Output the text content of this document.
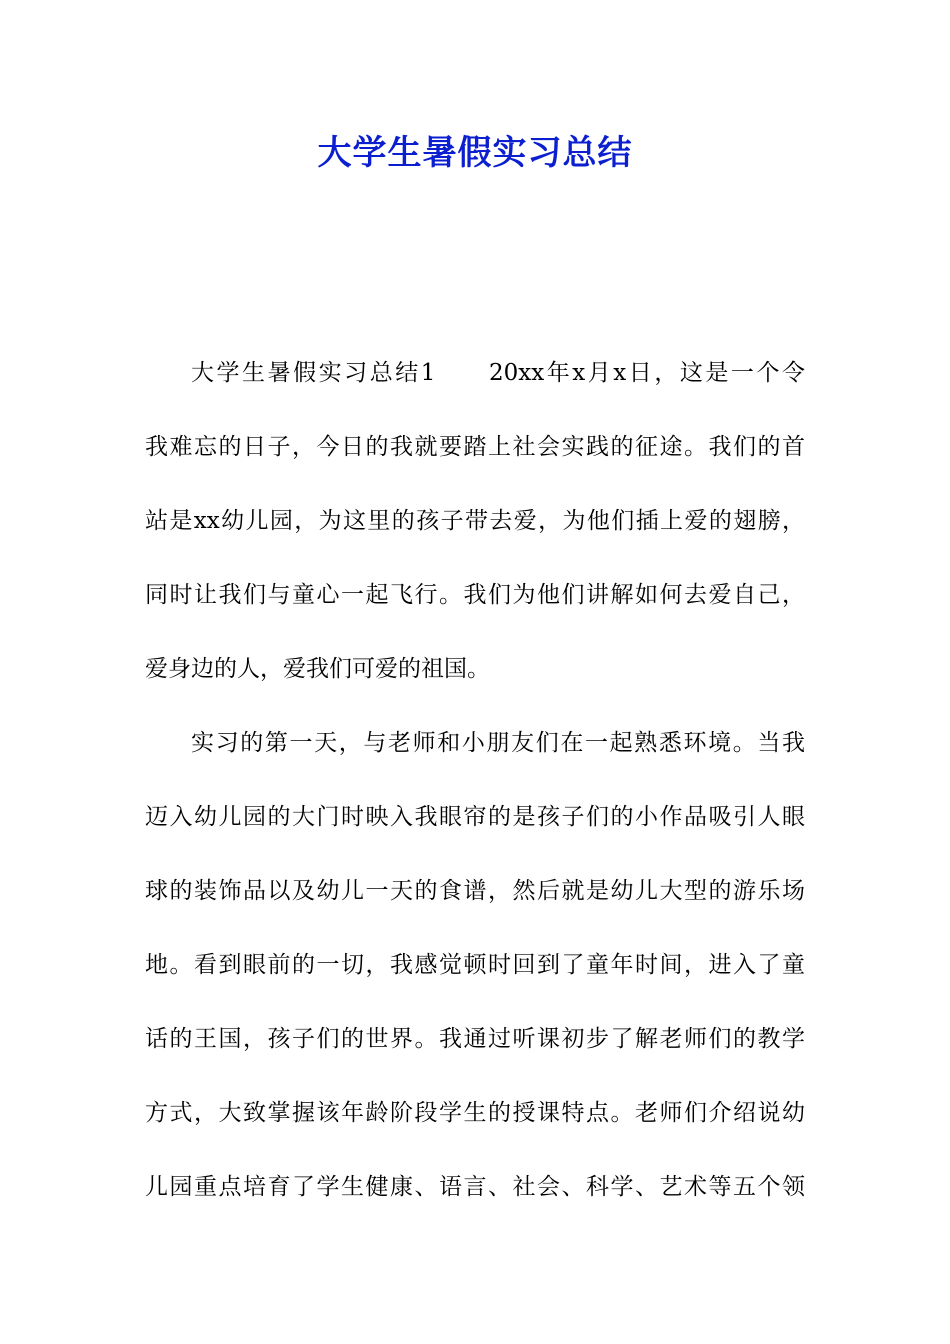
大学生暑假实习总结
大学生暑假实习总结1　　20xx年x月x日，这是一个令
我难忘的日子，今日的我就要踏上社会实践的征途。我们的首
站是xx幼儿园，为这里的孩子带去爱，为他们插上爱的翅膀，
同时让我们与童心一起飞行。我们为他们讲解如何去爱自己，
爱身边的人，爱我们可爱的祖国。
实习的第一天，与老师和小朋友们在一起熟悉环境。当我
迈入幼儿园的大门时映入我眼帘的是孩子们的小作品吸引人眼
球的装饰品以及幼儿一天的食谱，然后就是幼儿大型的游乐场
地。看到眼前的一切，我感觉顿时回到了童年时间，进入了童
话的王国，孩子们的世界。我通过听课初步了解老师们的教学
方式，大致掌握该年龄阶段学生的授课特点。老师们介绍说幼
儿园重点培育了学生健康、语言、社会、科学、艺术等五个领
